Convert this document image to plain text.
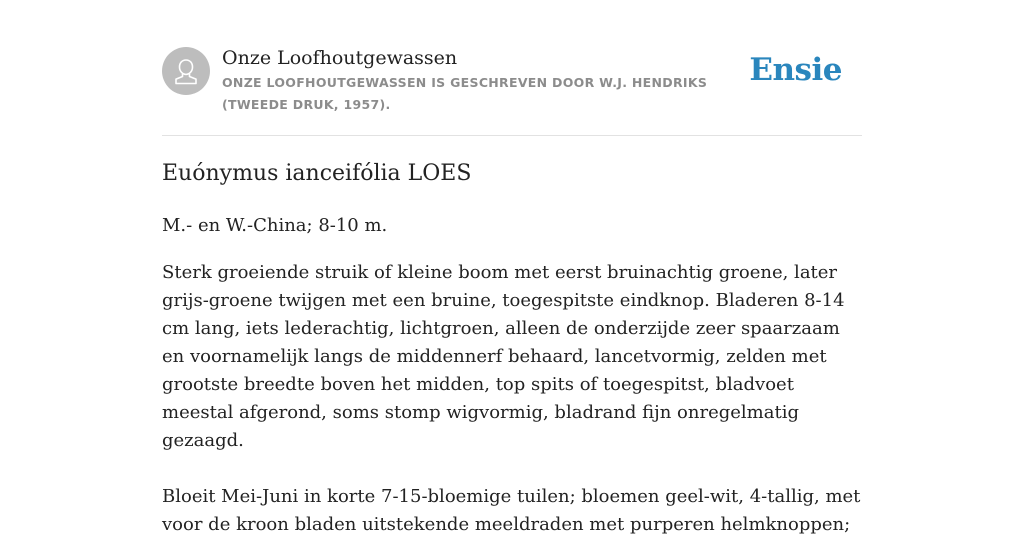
Onze Loofhoutgewassen
ONZE LOOFHOUTGEWASSEN IS GESCHREVEN DOOR W.J. HENDRIKS (TWEEDE DRUK, 1957).
Ensie
Euónymus ianceifólia LOES

M.- en W.-China; 8-10 m.

Sterk groeiende struik of kleine boom met eerst bruinachtig groene, later grijs-groene twijgen met een bruine, toegespitste eindknop. Bladeren 8-14 cm lang, iets lederachtig, lichtgroen, alleen de onderzijde zeer spaarzaam en voornamelijk langs de middennerf behaard, lancetvormig, zelden met grootste breedte boven het midden, top spits of toegespitst, bladvoet meestal afgerond, soms stomp wigvormig, bladrand fijn onregelmatig gezaagd.

Bloeit Mei-Juni in korte 7-15-bloemige tuilen; bloemen geel-wit, 4-tallig, met voor de kroon bladen uitstekende meeldraden met purperen helmknoppen;
